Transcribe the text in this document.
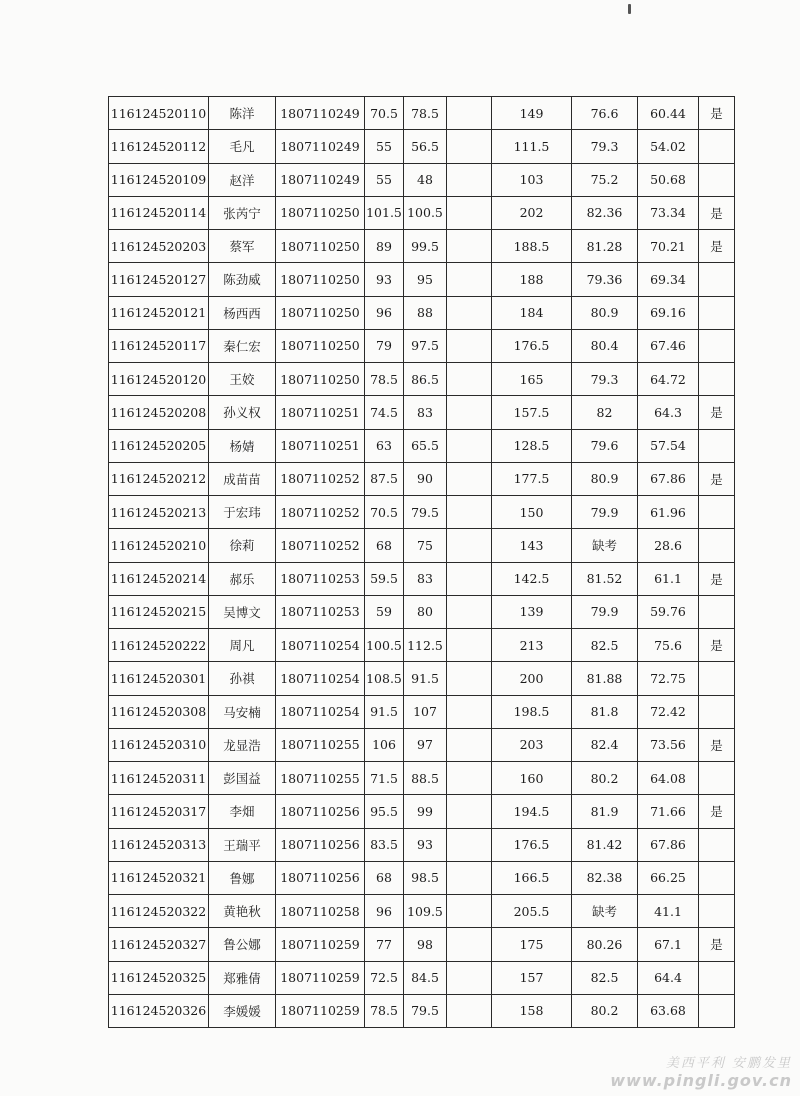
116124520110	陈洋	1807110249	70.5	78.5		149	76.6	60.44	是
116124520112	毛凡	1807110249	55	56.5		111.5	79.3	54.02	
116124520109	赵洋	1807110249	55	48		103	75.2	50.68	
116124520114	张芮宁	1807110250	101.5	100.5		202	82.36	73.34	是
116124520203	蔡军	1807110250	89	99.5		188.5	81.28	70.21	是
116124520127	陈劲威	1807110250	93	95		188	79.36	69.34	
116124520121	杨西西	1807110250	96	88		184	80.9	69.16	
116124520117	秦仁宏	1807110250	79	97.5		176.5	80.4	67.46	
116124520120	王姣	1807110250	78.5	86.5		165	79.3	64.72	
116124520208	孙义权	1807110251	74.5	83		157.5	82	64.3	是
116124520205	杨婧	1807110251	63	65.5		128.5	79.6	57.54	
116124520212	成苗苗	1807110252	87.5	90		177.5	80.9	67.86	是
116124520213	于宏玮	1807110252	70.5	79.5		150	79.9	61.96	
116124520210	徐莉	1807110252	68	75		143	缺考	28.6	
116124520214	郝乐	1807110253	59.5	83		142.5	81.52	61.1	是
116124520215	吴博文	1807110253	59	80		139	79.9	59.76	
116124520222	周凡	1807110254	100.5	112.5		213	82.5	75.6	是
116124520301	孙祺	1807110254	108.5	91.5		200	81.88	72.75	
116124520308	马安楠	1807110254	91.5	107		198.5	81.8	72.42	
116124520310	龙显浩	1807110255	106	97		203	82.4	73.56	是
116124520311	彭国益	1807110255	71.5	88.5		160	80.2	64.08	
116124520317	李畑	1807110256	95.5	99		194.5	81.9	71.66	是
116124520313	王瑞平	1807110256	83.5	93		176.5	81.42	67.86	
116124520321	鲁娜	1807110256	68	98.5		166.5	82.38	66.25	
116124520322	黄艳秋	1807110258	96	109.5		205.5	缺考	41.1	
116124520327	鲁公娜	1807110259	77	98		175	80.26	67.1	是
116124520325	郑雅倩	1807110259	72.5	84.5		157	82.5	64.4	
116124520326	李媛媛	1807110259	78.5	79.5		158	80.2	63.68	
美西平利 安鹏发里
www.pingli.gov.cn
